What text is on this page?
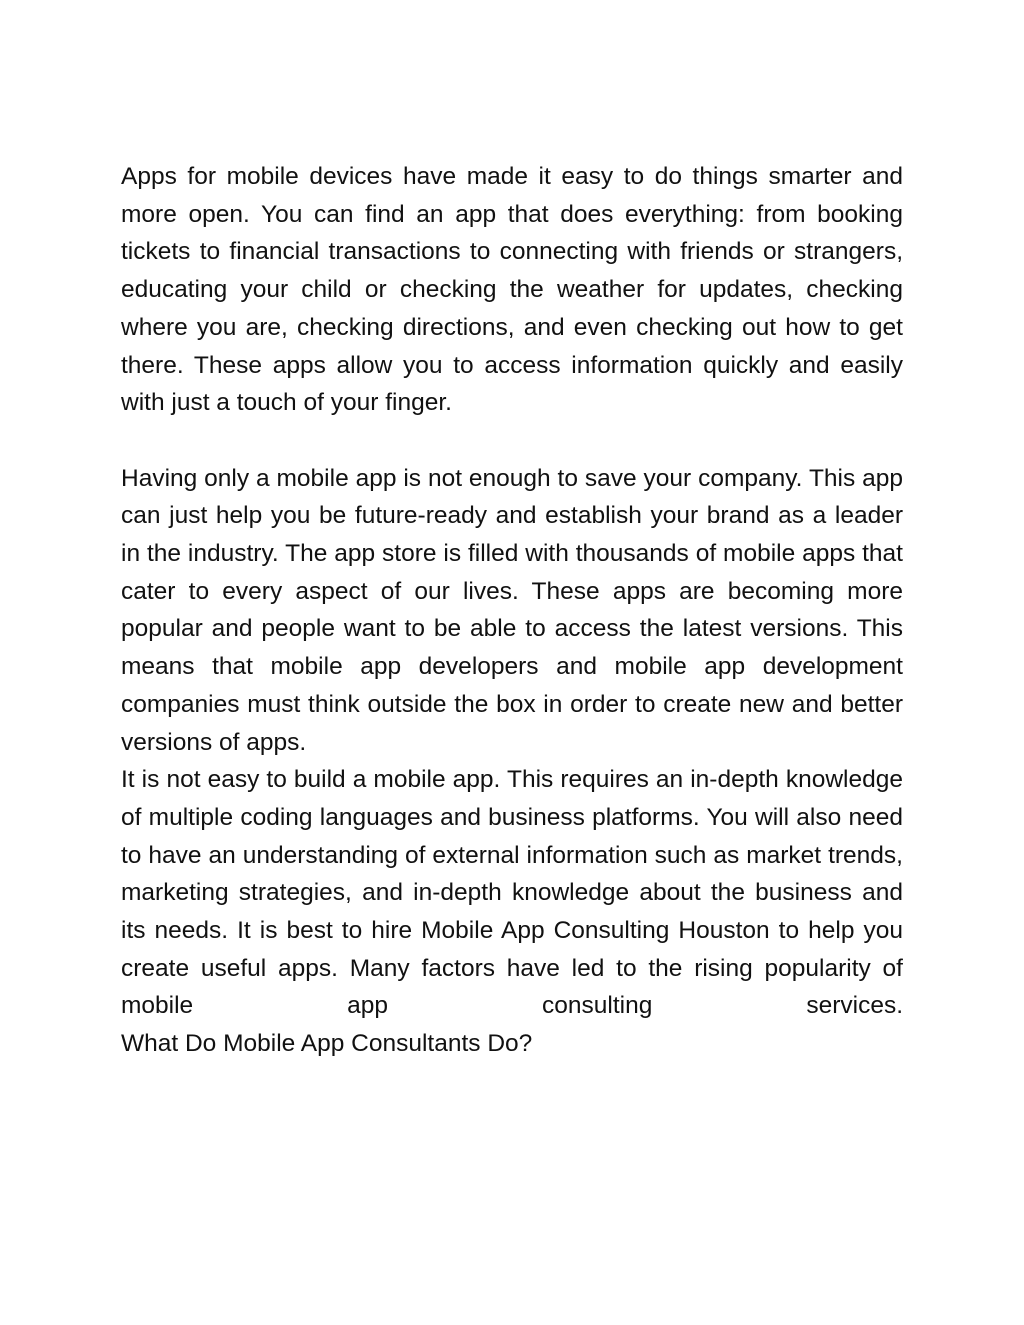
Apps for mobile devices have made it easy to do things smarter and more open. You can find an app that does everything: from booking tickets to financial transactions to connecting with friends or strangers, educating your child or checking the weather for updates, checking where you are, checking directions, and even checking out how to get there. These apps allow you to access information quickly and easily with just a touch of your finger.

Having only a mobile app is not enough to save your company. This app can just help you be future-ready and establish your brand as a leader in the industry. The app store is filled with thousands of mobile apps that cater to every aspect of our lives. These apps are becoming more popular and people want to be able to access the latest versions. This means that mobile app developers and mobile app development companies must think outside the box in order to create new and better versions of apps.

It is not easy to build a mobile app. This requires an in-depth knowledge of multiple coding languages and business platforms. You will also need to have an understanding of external information such as market trends, marketing strategies, and in-depth knowledge about the business and its needs. It is best to hire Mobile App Consulting Houston to help you create useful apps. Many factors have led to the rising popularity of mobile app consulting services.

What Do Mobile App Consultants Do?
